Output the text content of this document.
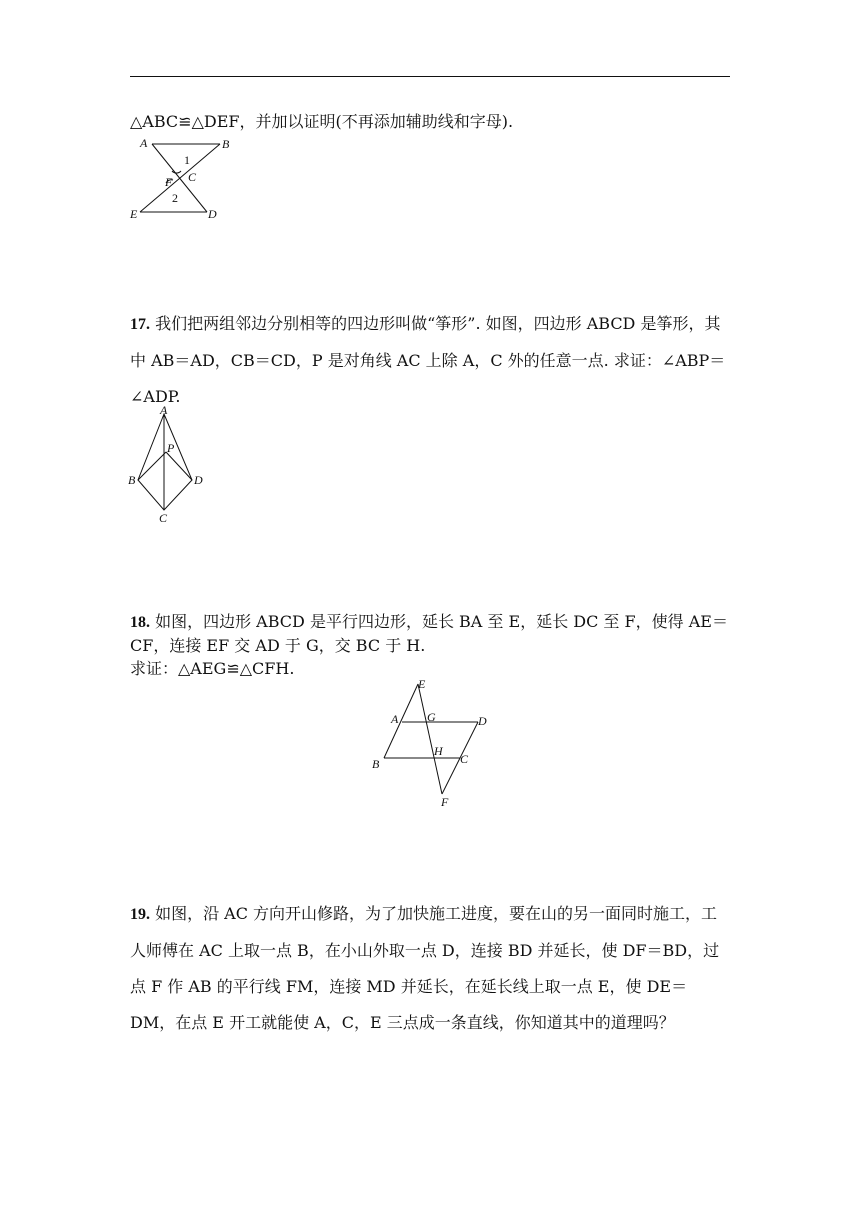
△ABC≌△DEF，并加以证明(不再添加辅助线和字母).

A	B
1
C
F
2
E	D

17. 我们把两组邻边分别相等的四边形叫做“筝形”. 如图，四边形 ABCD 是筝形，其中 AB＝AD，CB＝CD，P 是对角线 AC 上除 A，C 外的任意一点. 求证：∠ABP＝∠ADP.

A
P
B	D
C

18. 如图，四边形 ABCD 是平行四边形，延长 BA 至 E，延长 DC 至 F，使得 AE＝CF，连接 EF 交 AD 于 G，交 BC 于 H.
求证：△AEG≌△CFH.

E
A G	D
H
B	C
F

19. 如图，沿 AC 方向开山修路，为了加快施工进度，要在山的另一面同时施工，工人师傅在 AC 上取一点 B，在小山外取一点 D，连接 BD 并延长，使 DF＝BD，过点 F 作 AB 的平行线 FM，连接 MD 并延长，在延长线上取一点 E，使 DE＝DM，在点 E 开工就能使 A，C，E 三点成一条直线，你知道其中的道理吗？
